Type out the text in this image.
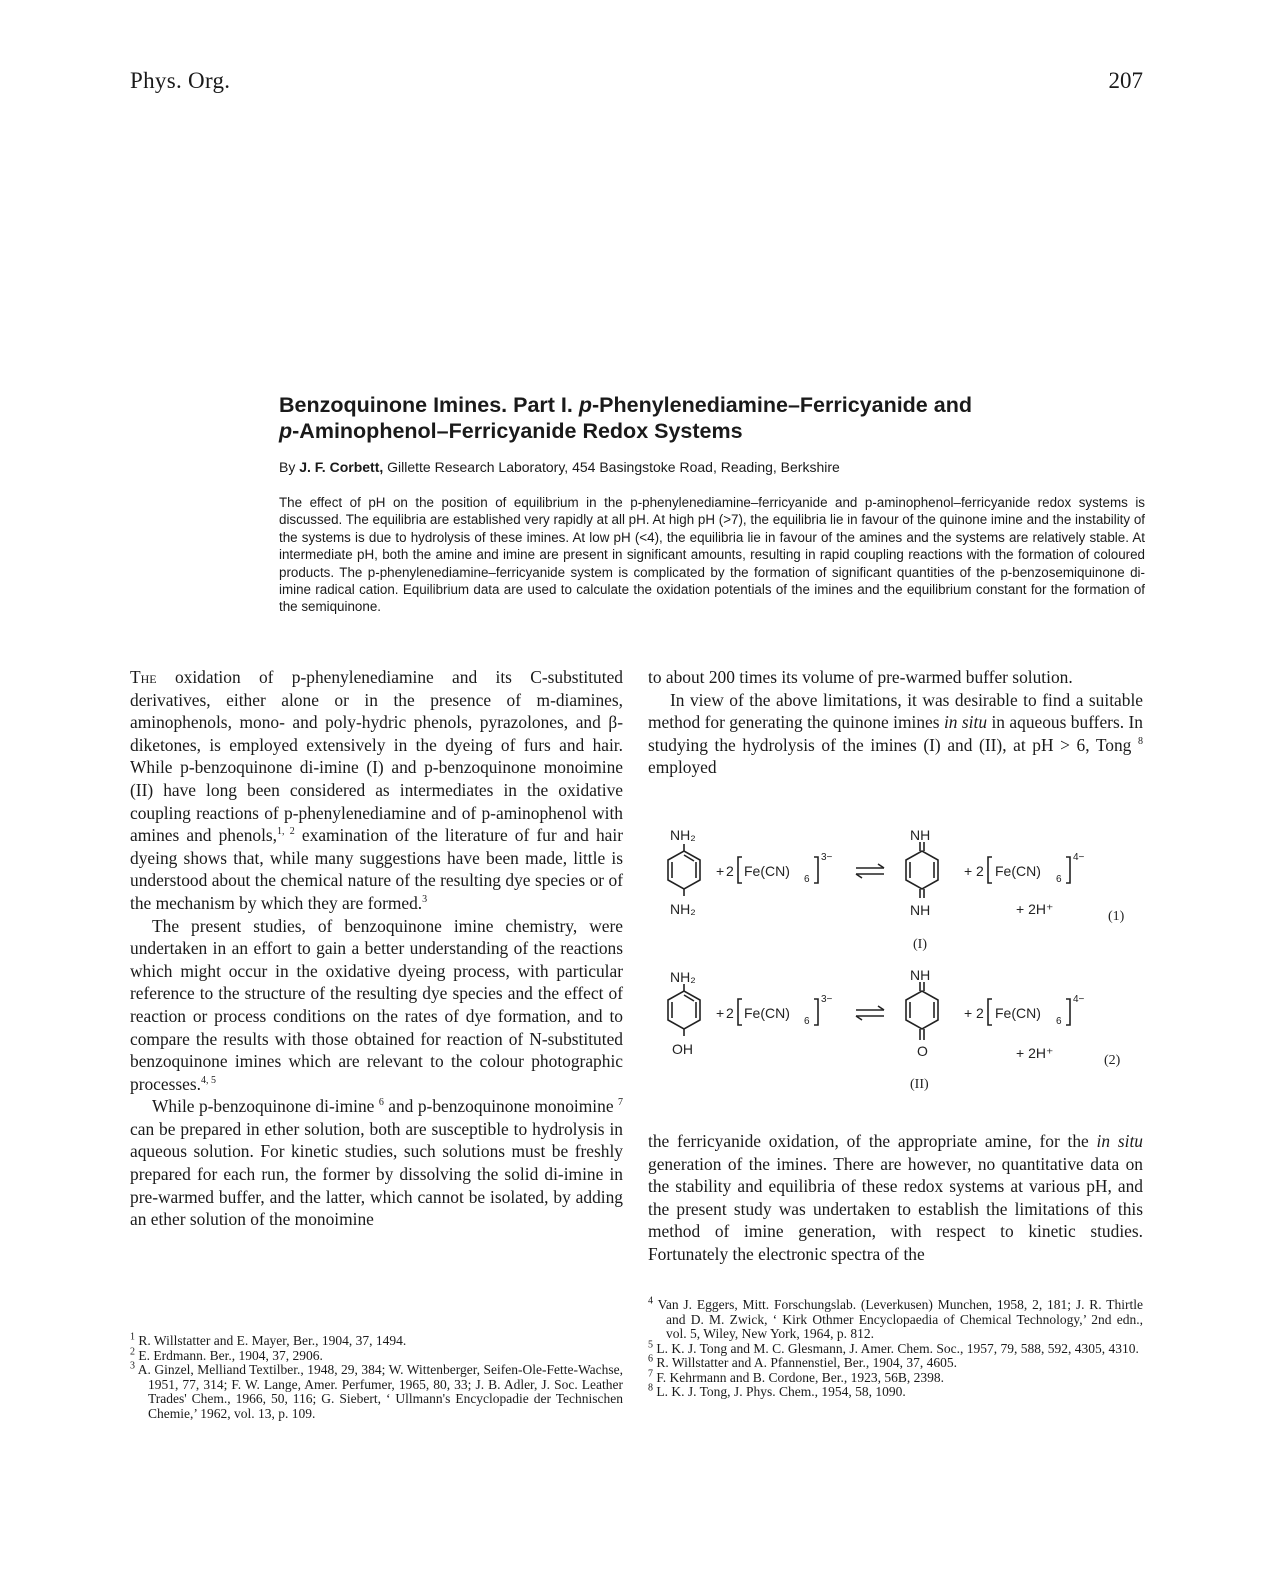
Phys. Org.	207
Benzoquinone Imines. Part I. p-Phenylenediamine–Ferricyanide and
p-Aminophenol–Ferricyanide Redox Systems
By J. F. Corbett, Gillette Research Laboratory, 454 Basingstoke Road, Reading, Berkshire
The effect of pH on the position of equilibrium in the p-phenylenediamine–ferricyanide and p-aminophenol–ferricyanide redox systems is discussed. The equilibria are established very rapidly at all pH. At high pH (>7), the equilibria lie in favour of the quinone imine and the instability of the systems is due to hydrolysis of these imines. At low pH (<4), the equilibria lie in favour of the amines and the systems are relatively stable. At intermediate pH, both the amine and imine are present in significant amounts, resulting in rapid coupling reactions with the formation of coloured products. The p-phenylenediamine–ferricyanide system is complicated by the formation of significant quantities of the p-benzosemiquinone di-imine radical cation. Equilibrium data are used to calculate the oxidation potentials of the imines and the equilibrium constant for the formation of the semiquinone.

The oxidation of p-phenylenediamine and its C-substituted derivatives, either alone or in the presence of m-diamines, aminophenols, mono- and poly-hydric phenols, pyrazolones, and β-diketones, is employed extensively in the dyeing of furs and hair. While p-benzoquinone di-imine (I) and p-benzoquinone monoimine (II) have long been considered as intermediates in the oxidative coupling reactions of p-phenylenediamine and of p-aminophenol with amines and phenols,$^{1, 2}$ examination of the literature of fur and hair dyeing shows that, while many suggestions have been made, little is understood about the chemical nature of the resulting dye species or of the mechanism by which they are formed.$^3$

The present studies, of benzoquinone imine chemistry, were undertaken in an effort to gain a better understanding of the reactions which might occur in the oxidative dyeing process, with particular reference to the structure of the resulting dye species and the effect of reaction or process conditions on the rates of dye formation, and to compare the results with those obtained for reaction of N-substituted benzoquinone imines which are relevant to the colour photographic processes.$^{4, 5}$

While p-benzoquinone di-imine $^6$ and p-benzoquinone monoimine $^7$ can be prepared in ether solution, both are susceptible to hydrolysis in aqueous solution. For kinetic studies, such solutions must be freshly prepared for each run, the former by dissolving the solid di-imine in pre-warmed buffer, and the latter, which cannot be isolated, by adding an ether solution of the monoimine

to about 200 times its volume of pre-warmed buffer solution.

In view of the above limitations, it was desirable to find a suitable method for generating the quinone imines in situ in aqueous buffers. In studying the hydrolysis of the imines (I) and (II), at pH > 6, Tong $^8$ employed

NH₂
NH₂
+ 2 Fe(CN)
6
3−
NH
NH
(I)
+ 2 Fe(CN)
6
4−
+ 2H⁺	(1)
NH₂
OH
+ 2 Fe(CN)
6
3−
NH
O
(II)
+ 2 Fe(CN)
6
4−
+ 2H⁺	(2)

the ferricyanide oxidation, of the appropriate amine, for the in situ generation of the imines. There are however, no quantitative data on the stability and equilibria of these redox systems at various pH, and the present study was undertaken to establish the limitations of this method of imine generation, with respect to kinetic studies. Fortunately the electronic spectra of the

$^1$ R. Willstatter and E. Mayer, Ber., 1904, 37, 1494.

$^2$ E. Erdmann. Ber., 1904, 37, 2906.

$^3$ A. Ginzel, Melliand Textilber., 1948, 29, 384; W. Wittenberger, Seifen-Ole-Fette-Wachse, 1951, 77, 314; F. W. Lange, Amer. Perfumer, 1965, 80, 33; J. B. Adler, J. Soc. Leather Trades' Chem., 1966, 50, 116; G. Siebert, ‘ Ullmann's Encyclopadie der Technischen Chemie,’ 1962, vol. 13, p. 109.

$^4$ Van J. Eggers, Mitt. Forschungslab. (Leverkusen) Munchen, 1958, 2, 181; J. R. Thirtle and D. M. Zwick, ‘ Kirk Othmer Encyclopaedia of Chemical Technology,’ 2nd edn., vol. 5, Wiley, New York, 1964, p. 812.

$^5$ L. K. J. Tong and M. C. Glesmann, J. Amer. Chem. Soc., 1957, 79, 588, 592, 4305, 4310.

$^6$ R. Willstatter and A. Pfannenstiel, Ber., 1904, 37, 4605.

$^7$ F. Kehrmann and B. Cordone, Ber., 1923, 56B, 2398.

$^8$ L. K. J. Tong, J. Phys. Chem., 1954, 58, 1090.
